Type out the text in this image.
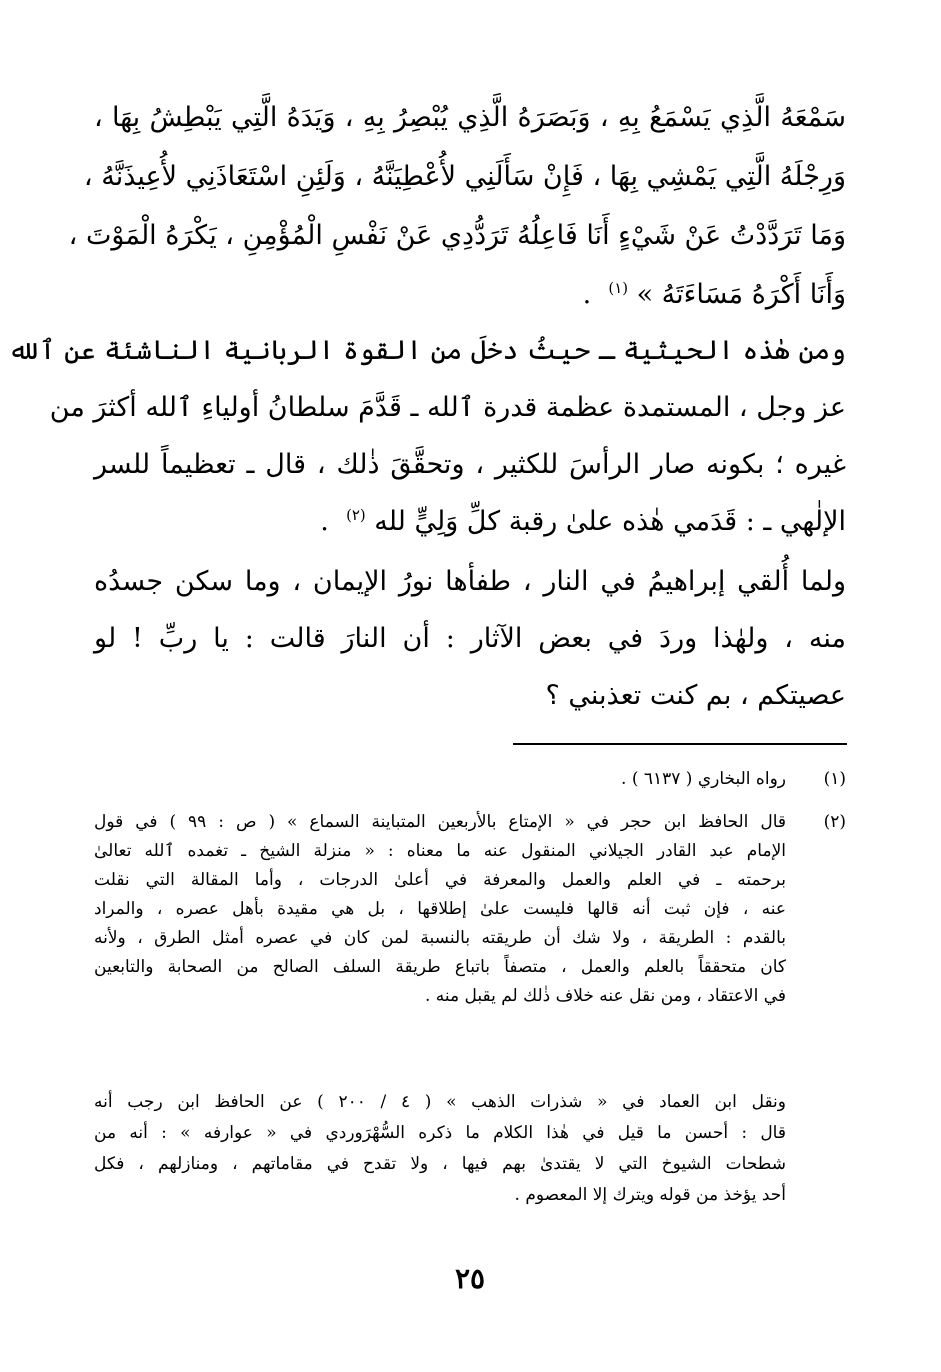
سَمْعَهُ الَّذِي يَسْمَعُ بِهِ ، وَبَصَرَهُ الَّذِي يُبْصِرُ بِهِ ، وَيَدَهُ الَّتِي يَبْطِشُ بِهَا ،
وَرِجْلَهُ الَّتِي يَمْشِي بِهَا ، فَإِنْ سَأَلَنِي لأُعْطِيَنَّهُ ، وَلَئِنِ اسْتَعَاذَنِي لأُعِيذَنَّهُ ،
وَمَا تَرَدَّدْتُ عَنْ شَيْءٍ أَنَا فَاعِلُهُ تَرَدُّدِي عَنْ نَفْسِ الْمُؤْمِنِ ، يَكْرَهُ الْمَوْتَ ،
وَأَنَا أَكْرَهُ مَسَاءَتَهُ » $^{(١)}$  .
ومن هٰذه الحيثية ـ حيثُ دخلَ من القوة الربانية الناشئة عن ٱلله
عز وجل ، المستمدة عظمة قدرة ٱلله ـ قَدَّمَ سلطانُ أولياءِ ٱلله أكثرَ من
غيره ؛ بكونه صار الرأسَ للكثير ، وتحقَّقَ ذٰلك ، قال ـ تعظيماً للسر
الإلٰهي ـ : قَدَمي هٰذه علىٰ رقبة كلِّ وَلِيٍّ لله $^{(٢)}$  .
ولما أُلقي إبراهيمُ في النار ، طفأها نورُ الإيمان ، وما سكن جسدُه
منه ، ولهٰذا وردَ في بعض الآثار : أن النارَ قالت : يا ربِّ ! لو
عصيتكم ، بم كنت تعذبني ؟
(١)
رواه البخاري ( ٦١٣٧ ) .
(٢)
قال الحافظ ابن حجر في « الإمتاع بالأربعين المتباينة السماع » ( ص : ٩٩ ) في قول
الإمام عبد القادر الجيلاني المنقول عنه ما معناه : « منزلة الشيخ ـ تغمده ٱلله تعالىٰ
برحمته ـ في العلم والعمل والمعرفة في أعلىٰ الدرجات ، وأما المقالة التي نقلت
عنه ، فإن ثبت أنه قالها فليست علىٰ إطلاقها ، بل هي مقيدة بأهل عصره ، والمراد
بالقدم : الطريقة ، ولا شك أن طريقته بالنسبة لمن كان في عصره أمثل الطرق ، ولأنه
كان متحققاً بالعلم والعمل ، متصفاً باتباع طريقة السلف الصالح من الصحابة والتابعين
في الاعتقاد ، ومن نقل عنه خلاف ذٰلك لم يقبل منه .
ونقل ابن العماد في « شذرات الذهب » ( ٤ / ٢٠٠ ) عن الحافظ ابن رجب أنه
قال : أحسن ما قيل في هٰذا الكلام ما ذكره السُّهْرَوردي في « عوارفه » : أنه من
شطحات الشيوخ التي لا يقتدىٰ بهم فيها ، ولا تقدح في مقاماتهم ، ومنازلهم ، فكل
أحد يؤخذ من قوله ويترك إلا المعصوم .
٢٥
